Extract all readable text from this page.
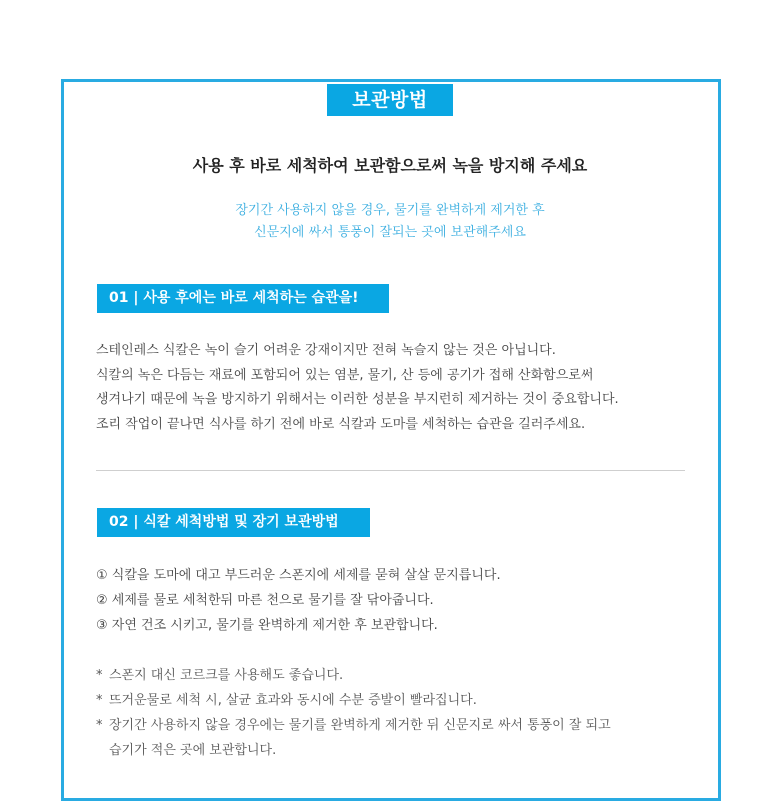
보관방법
사용 후 바로 세척하여 보관함으로써 녹을 방지해 주세요
장기간 사용하지 않을 경우, 물기를 완벽하게 제거한 후
신문지에 싸서 통풍이 잘되는 곳에 보관해주세요
01 | 사용 후에는 바로 세척하는 습관을!
스테인레스 식칼은 녹이 슬기 어려운 강재이지만 전혀 녹슬지 않는 것은 아닙니다.
식칼의 녹은 다듬는 재료에 포함되어 있는 염분, 물기, 산 등에 공기가 접해 산화함으로써
생겨나기 때문에 녹을 방지하기 위해서는 이러한 성분을 부지런히 제거하는 것이 중요합니다.
조리 작업이 끝나면 식사를 하기 전에 바로 식칼과 도마를 세척하는 습관을 길러주세요.
02 | 식칼 세척방법 및 장기 보관방법
① 식칼을 도마에 대고 부드러운 스폰지에 세제를 묻혀 살살 문지릅니다.
② 세제를 물로 세척한뒤 마른 천으로 물기를 잘 닦아줍니다.
③ 자연 건조 시키고, 물기를 완벽하게 제거한 후 보관합니다.
* 스폰지 대신 코르크를 사용해도 좋습니다.
* 뜨거운물로 세척 시, 살균 효과와 동시에 수분 증발이 빨라집니다.
* 장기간 사용하지 않을 경우에는 물기를 완벽하게 제거한 뒤 신문지로 싸서 통풍이 잘 되고
습기가 적은 곳에 보관합니다.
